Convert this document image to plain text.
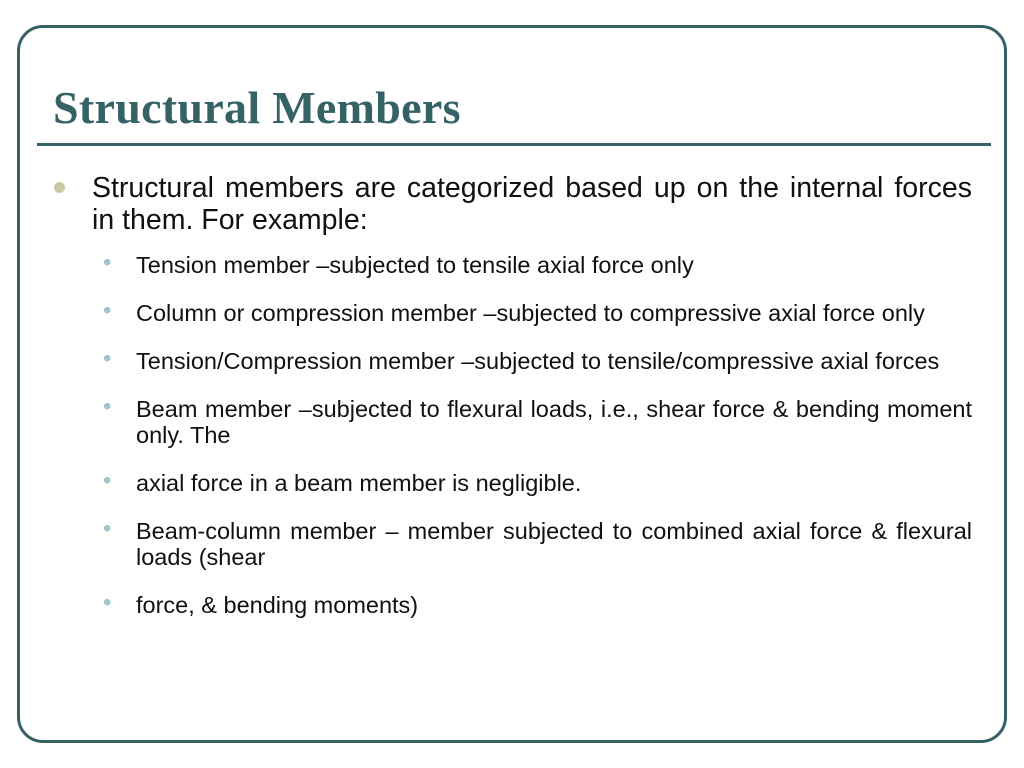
Structural Members

Structural members are categorized based up on the internal forces in them. For example:

• Tension member –subjected to tensile axial force only
• Column or compression member –subjected to compressive axial force only
• Tension/Compression member –subjected to tensile/compressive axial forces
• Beam member –subjected to flexural loads, i.e., shear force & bending moment only. The
• axial force in a beam member is negligible.
• Beam-column member – member subjected to combined axial force & flexural loads (shear
• force, & bending moments)
